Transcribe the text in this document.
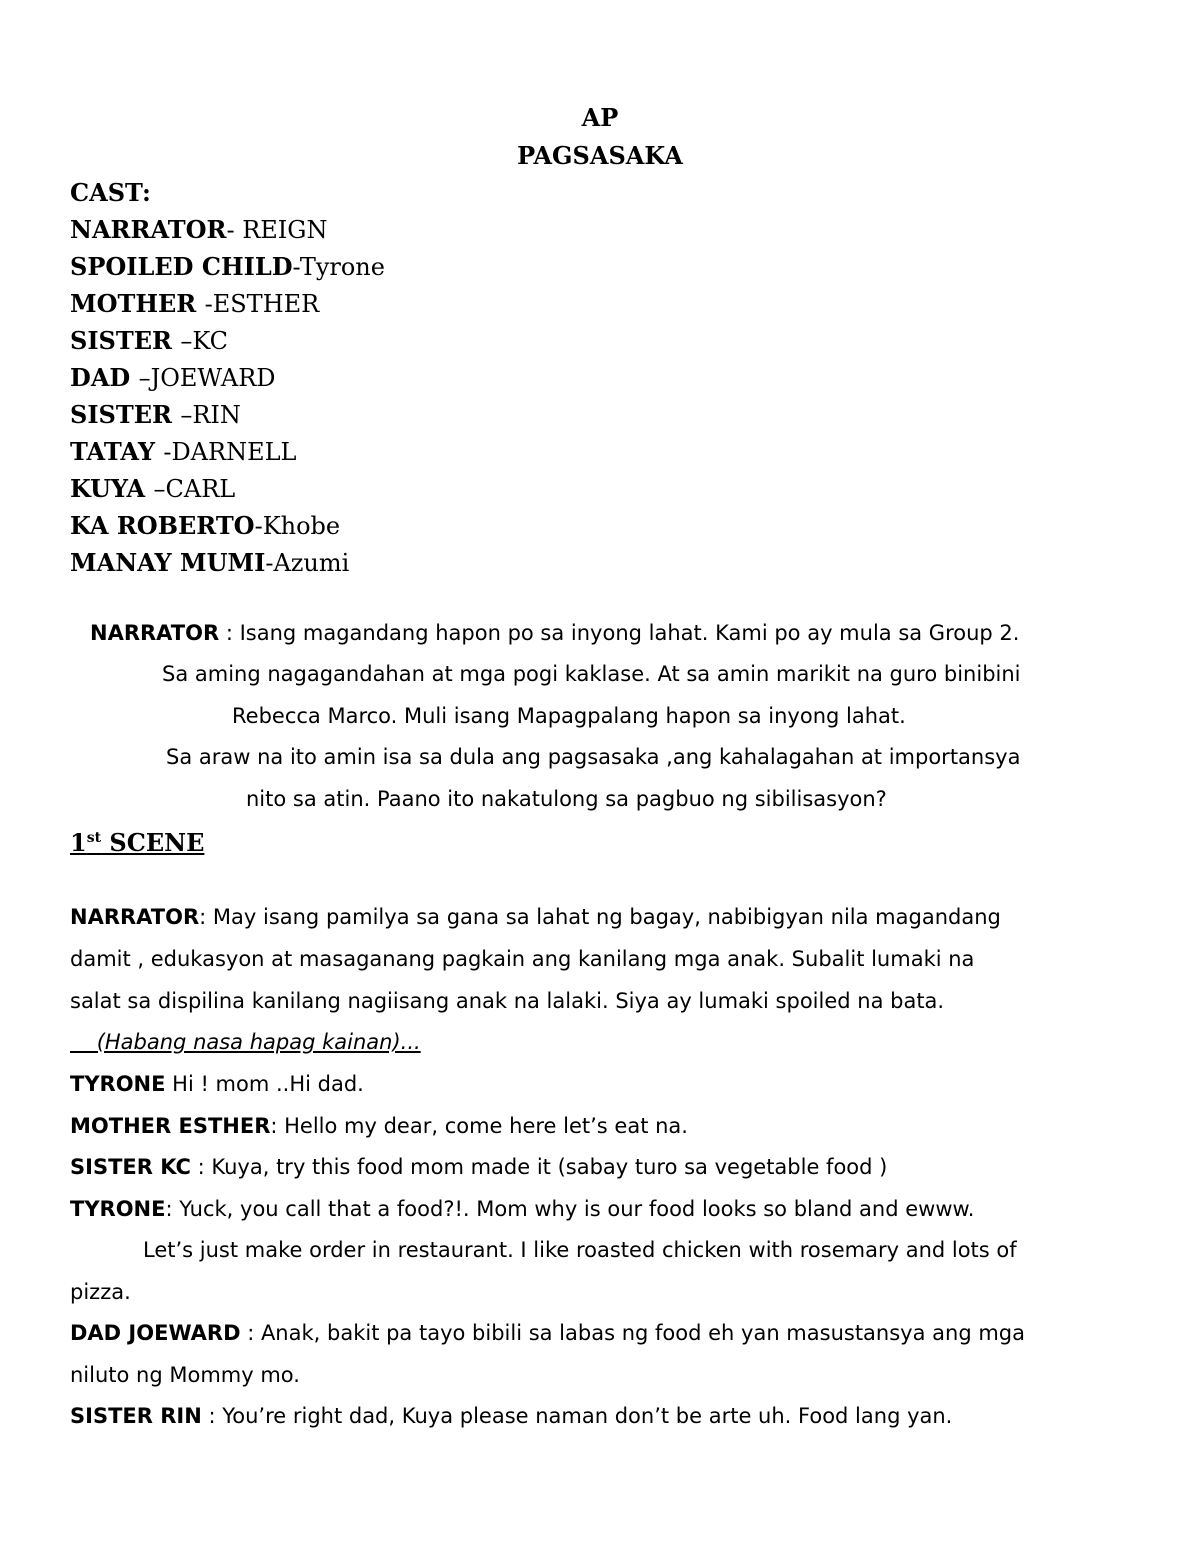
AP
PAGSASAKA
CAST:
NARRATOR- REIGN
SPOILED CHILD-Tyrone
MOTHER -ESTHER
SISTER –KC
DAD –JOEWARD
SISTER –RIN
TATAY -DARNELL
KUYA –CARL
KA ROBERTO-Khobe
MANAY MUMI-Azumi
NARRATOR : Isang magandang hapon po sa inyong lahat. Kami po ay mula sa Group 2.
Sa aming nagagandahan at mga pogi kaklase. At sa amin marikit na guro binibini
Rebecca Marco. Muli isang Mapagpalang hapon sa inyong lahat.
Sa araw na ito amin isa sa dula ang pagsasaka ,ang kahalagahan at importansya
nito sa atin. Paano ito nakatulong sa pagbuo ng sibilisasyon?
1st SCENE
NARRATOR: May isang pamilya sa gana sa lahat ng bagay, nabibigyan nila magandang
damit , edukasyon at masaganang pagkain ang kanilang mga anak. Subalit lumaki na
salat sa dispilina kanilang nagiisang anak na lalaki. Siya ay lumaki spoiled na bata.
(Habang nasa hapag kainan)...
TYRONE Hi ! mom ..Hi dad.
MOTHER ESTHER: Hello my dear, come here let’s eat na.
SISTER KC : Kuya, try this food mom made it (sabay turo sa vegetable food )
TYRONE: Yuck, you call that a food?!. Mom why is our food looks so bland and ewww.
Let’s just make order in restaurant. I like roasted chicken with rosemary and lots of
pizza.
DAD JOEWARD : Anak, bakit pa tayo bibili sa labas ng food eh yan masustansya ang mga
niluto ng Mommy mo.
SISTER RIN : You’re right dad, Kuya please naman don’t be arte uh. Food lang yan.
